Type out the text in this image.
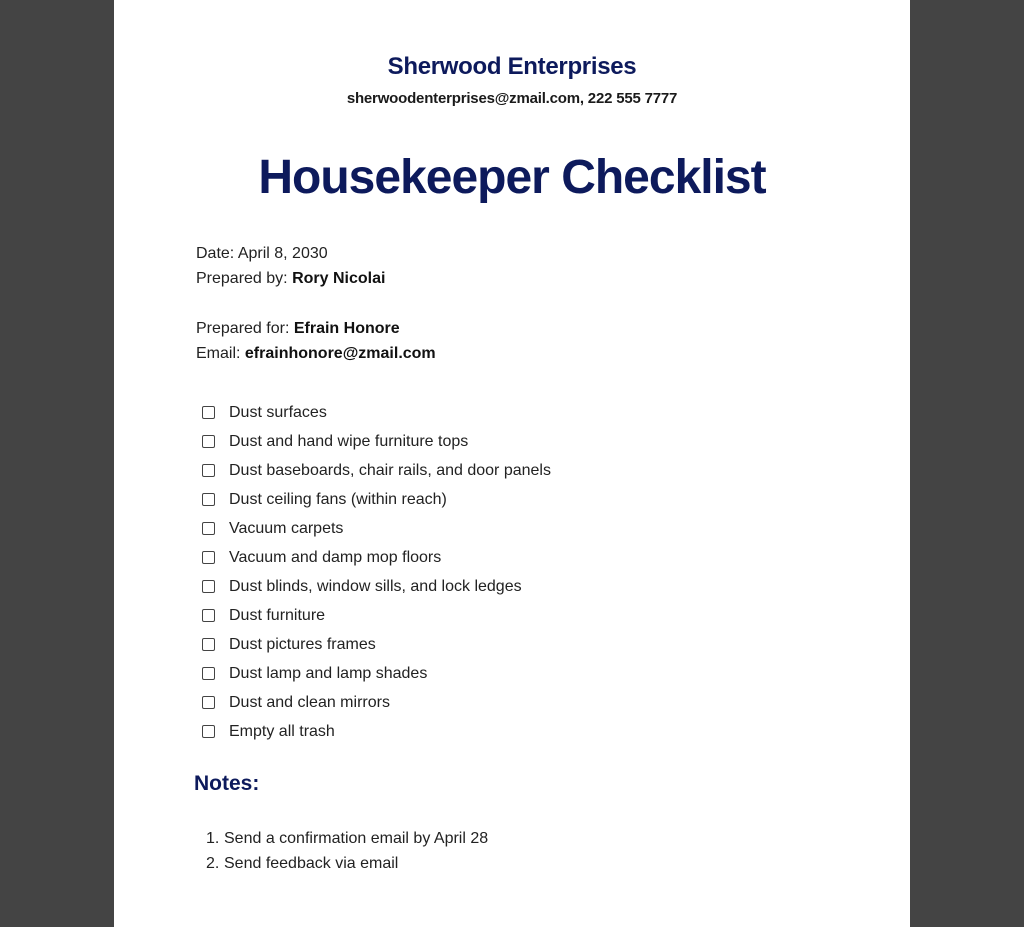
Sherwood Enterprises
sherwoodenterprises@zmail.com, 222 555 7777
Housekeeper Checklist
Date: April 8, 2030
Prepared by: Rory Nicolai
Prepared for: Efrain Honore
Email: efrainhonore@zmail.com
Dust surfaces
Dust and hand wipe furniture tops
Dust baseboards, chair rails, and door panels
Dust ceiling fans (within reach)
Vacuum carpets
Vacuum and damp mop floors
Dust blinds, window sills, and lock ledges
Dust furniture
Dust pictures frames
Dust lamp and lamp shades
Dust and clean mirrors
Empty all trash
Notes:
1. Send a confirmation email by April 28
2. Send feedback via email
